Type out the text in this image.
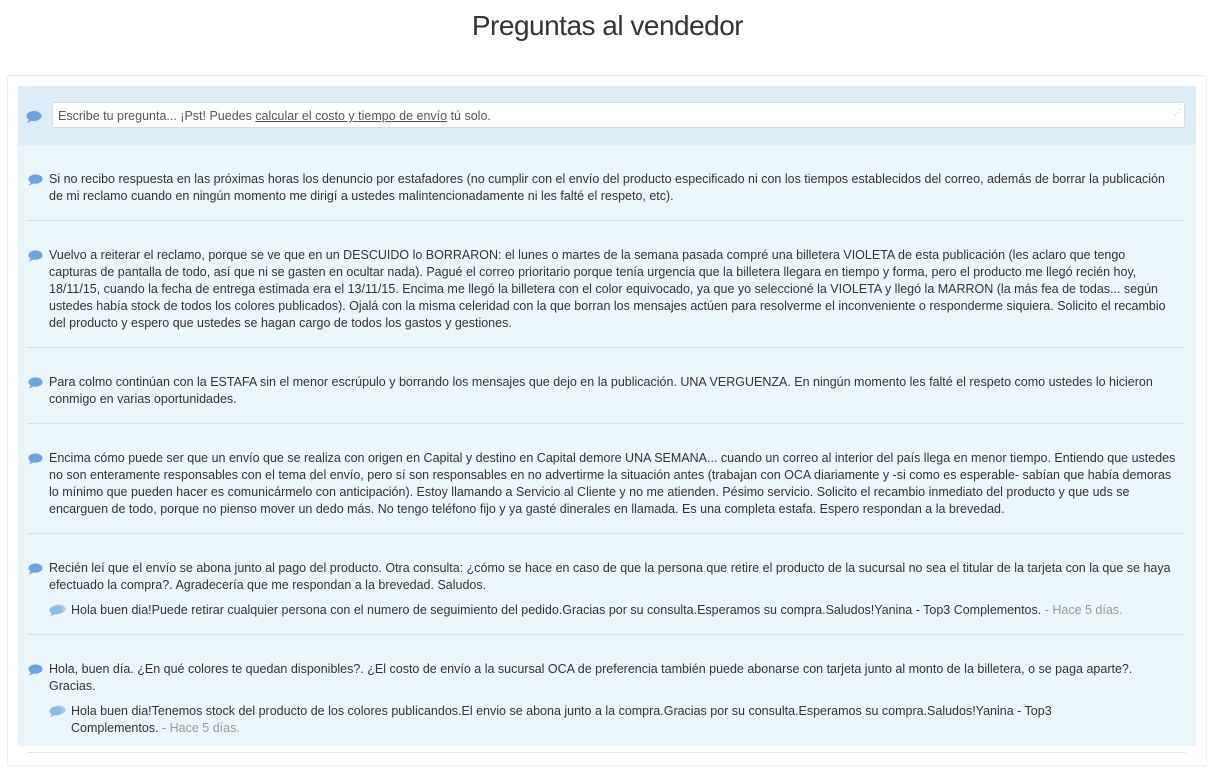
Preguntas al vendedor
Escribe tu pregunta... ¡Pst! Puedes calcular el costo y tiempo de envío tú solo.	⋰
Si no recibo respuesta en las próximas horas los denuncio por estafadores (no cumplir con el envío del producto especificado ni con los tiempos establecidos del correo, además de borrar la publicación de mi reclamo cuando en ningún momento me dirigí a ustedes malintencionadamente ni les falté el respeto, etc).
Vuelvo a reiterar el reclamo, porque se ve que en un DESCUIDO lo BORRARON: el lunes o martes de la semana pasada compré una billetera VIOLETA de esta publicación (les aclaro que tengo capturas de pantalla de todo, así que ni se gasten en ocultar nada). Pagué el correo prioritario porque tenía urgencia que la billetera llegara en tiempo y forma, pero el producto me llegó recién hoy, 18/11/15, cuando la fecha de entrega estimada era el 13/11/15. Encima me llegó la billetera con el color equivocado, ya que yo seleccioné la VIOLETA y llegó la MARRON (la más fea de todas... según ustedes había stock de todos los colores publicados). Ojalá con la misma celeridad con la que borran los mensajes actúen para resolverme el inconveniente o responderme siquiera. Solicito el recambio del producto y espero que ustedes se hagan cargo de todos los gastos y gestiones.
Para colmo continúan con la ESTAFA sin el menor escrúpulo y borrando los mensajes que dejo en la publicación. UNA VERGUENZA. En ningún momento les falté el respeto como ustedes lo hicieron conmigo en varias oportunidades.
Encima cómo puede ser que un envío que se realiza con origen en Capital y destino en Capital demore UNA SEMANA... cuando un correo al interior del país llega en menor tiempo. Entiendo que ustedes no son enteramente responsables con el tema del envío, pero sí son responsables en no advertirme la situación antes (trabajan con OCA diariamente y -si como es esperable- sabían que había demoras lo mínimo que pueden hacer es comunicármelo con anticipación). Estoy llamando a Servicio al Cliente y no me atienden. Pésimo servicio. Solicito el recambio inmediato del producto y que uds se encarguen de todo, porque no pienso mover un dedo más. No tengo teléfono fijo y ya gasté dinerales en llamada. Es una completa estafa. Espero respondan a la brevedad.
Recién leí que el envío se abona junto al pago del producto. Otra consulta: ¿cómo se hace en caso de que la persona que retire el producto de la sucursal no sea el titular de la tarjeta con la que se haya efectuado la compra?. Agradecería que me respondan a la brevedad. Saludos.
Hola buen dia!Puede retirar cualquier persona con el numero de seguimiento del pedido.Gracias por su consulta.Esperamos su compra.Saludos!Yanina - Top3 Complementos. - Hace 5 días.
Hola, buen día. ¿En qué colores te quedan disponibles?. ¿El costo de envío a la sucursal OCA de preferencia también puede abonarse con tarjeta junto al monto de la billetera, o se paga aparte?. Gracias.
Hola buen dia!Tenemos stock del producto de los colores publicandos.El envio se abona junto a la compra.Gracias por su consulta.Esperamos su compra.Saludos!Yanina - Top3 Complementos. - Hace 5 días.
